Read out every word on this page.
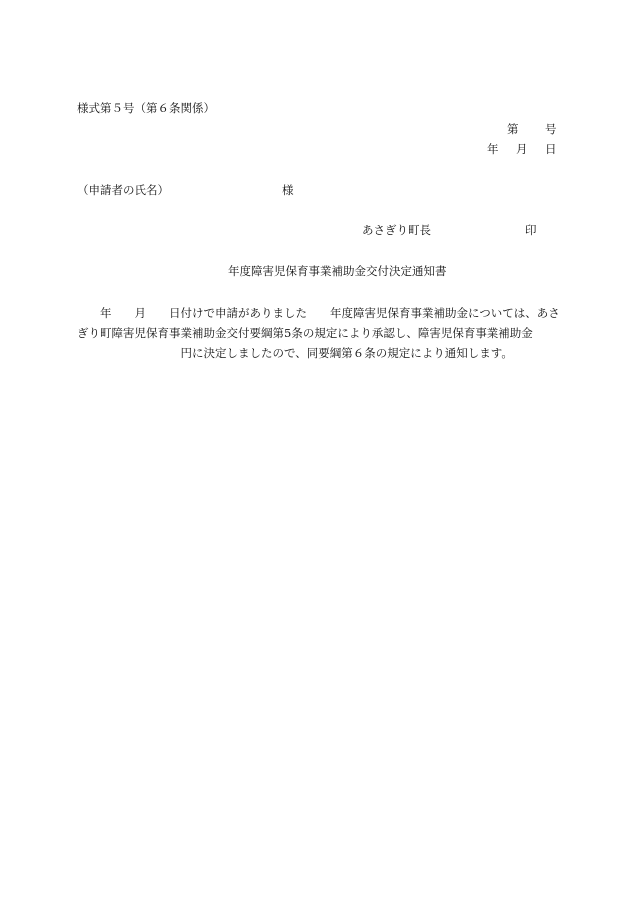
様式第５号（第６条関係）
第 号
年 月 日
（申請者の氏名）	様
あさぎり町長	印
年度障害児保育事業補助金交付決定通知書
　　年　　月　　日付けで申請がありました　　年度障害児保育事業補助金については、あさ
ぎり町障害児保育事業補助金交付要綱第5条の規定により承認し、障害児保育事業補助金
　　　　　　　　　円に決定しましたので、同要綱第６条の規定により通知します。
